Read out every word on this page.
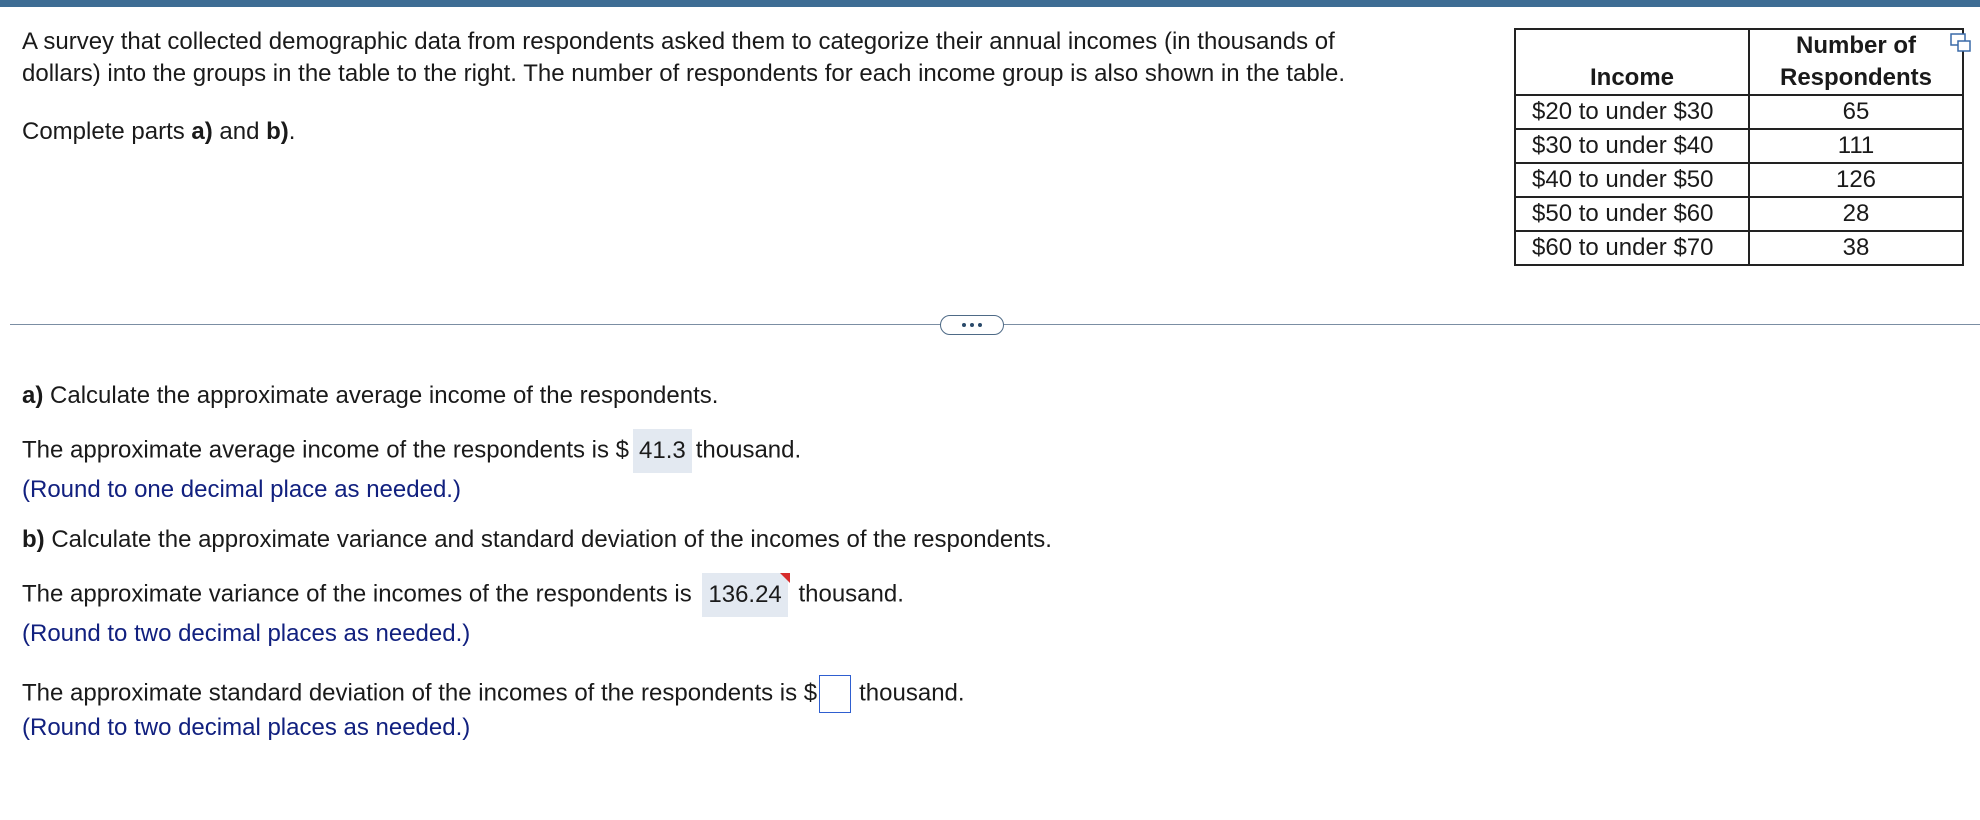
A survey that collected demographic data from respondents asked them to categorize their annual incomes (in thousands of

dollars) into the groups in the table to the right. The number of respondents for each income group is also shown in the table.

Complete parts a) and b).
Income	Number of
Respondents

$20 to under $30	65
$30 to under $40	111
$40 to under $50	126
$50 to under $60	28
$60 to under $70	38
a) Calculate the approximate average income of the respondents.
The approximate average income of the respondents is $ 41.3 thousand.
(Round to one decimal place as needed.)
b) Calculate the approximate variance and standard deviation of the incomes of the respondents.
The approximate variance of the incomes of the respondents is 136.24 thousand.
(Round to two decimal places as needed.)
The approximate standard deviation of the incomes of the respondents is $ thousand.
(Round to two decimal places as needed.)
